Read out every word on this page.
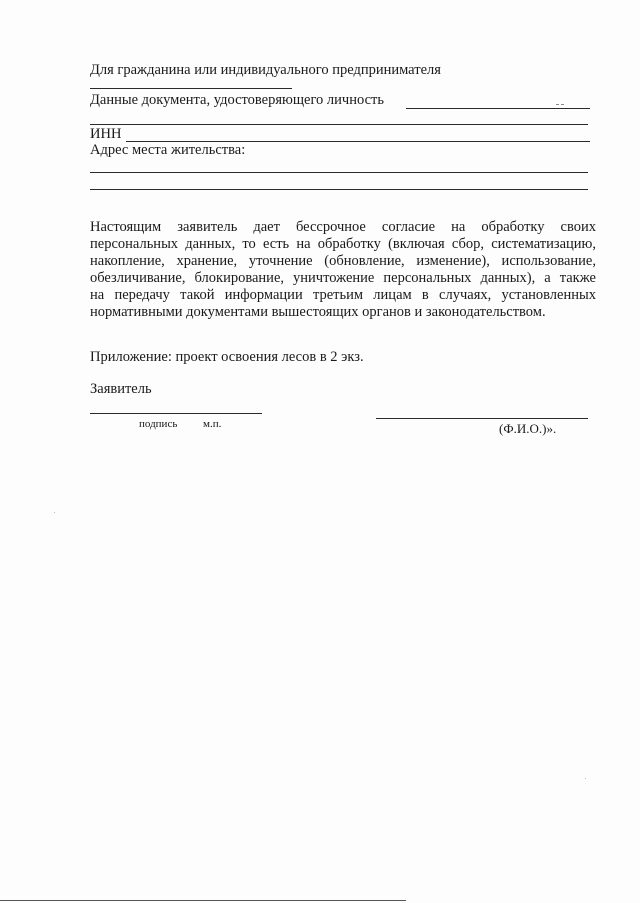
Для гражданина или индивидуального предпринимателя
Данные документа, удостоверяющего личность
ИНН
Адрес места жительства:
Настоящим заявитель дает бессрочное согласие на обработку своих
персональных данных, то есть на обработку (включая сбор, систематизацию,
накопление, хранение, уточнение (обновление, изменение), использование,
обезличивание, блокирование, уничтожение персональных данных), а также
на передачу такой информации третьим лицам в случаях, установленных
нормативными документами вышестоящих органов и законодательством.
Приложение: проект освоения лесов в 2 экз.
Заявитель
подпись м.п.	(Ф.И.О.)».
